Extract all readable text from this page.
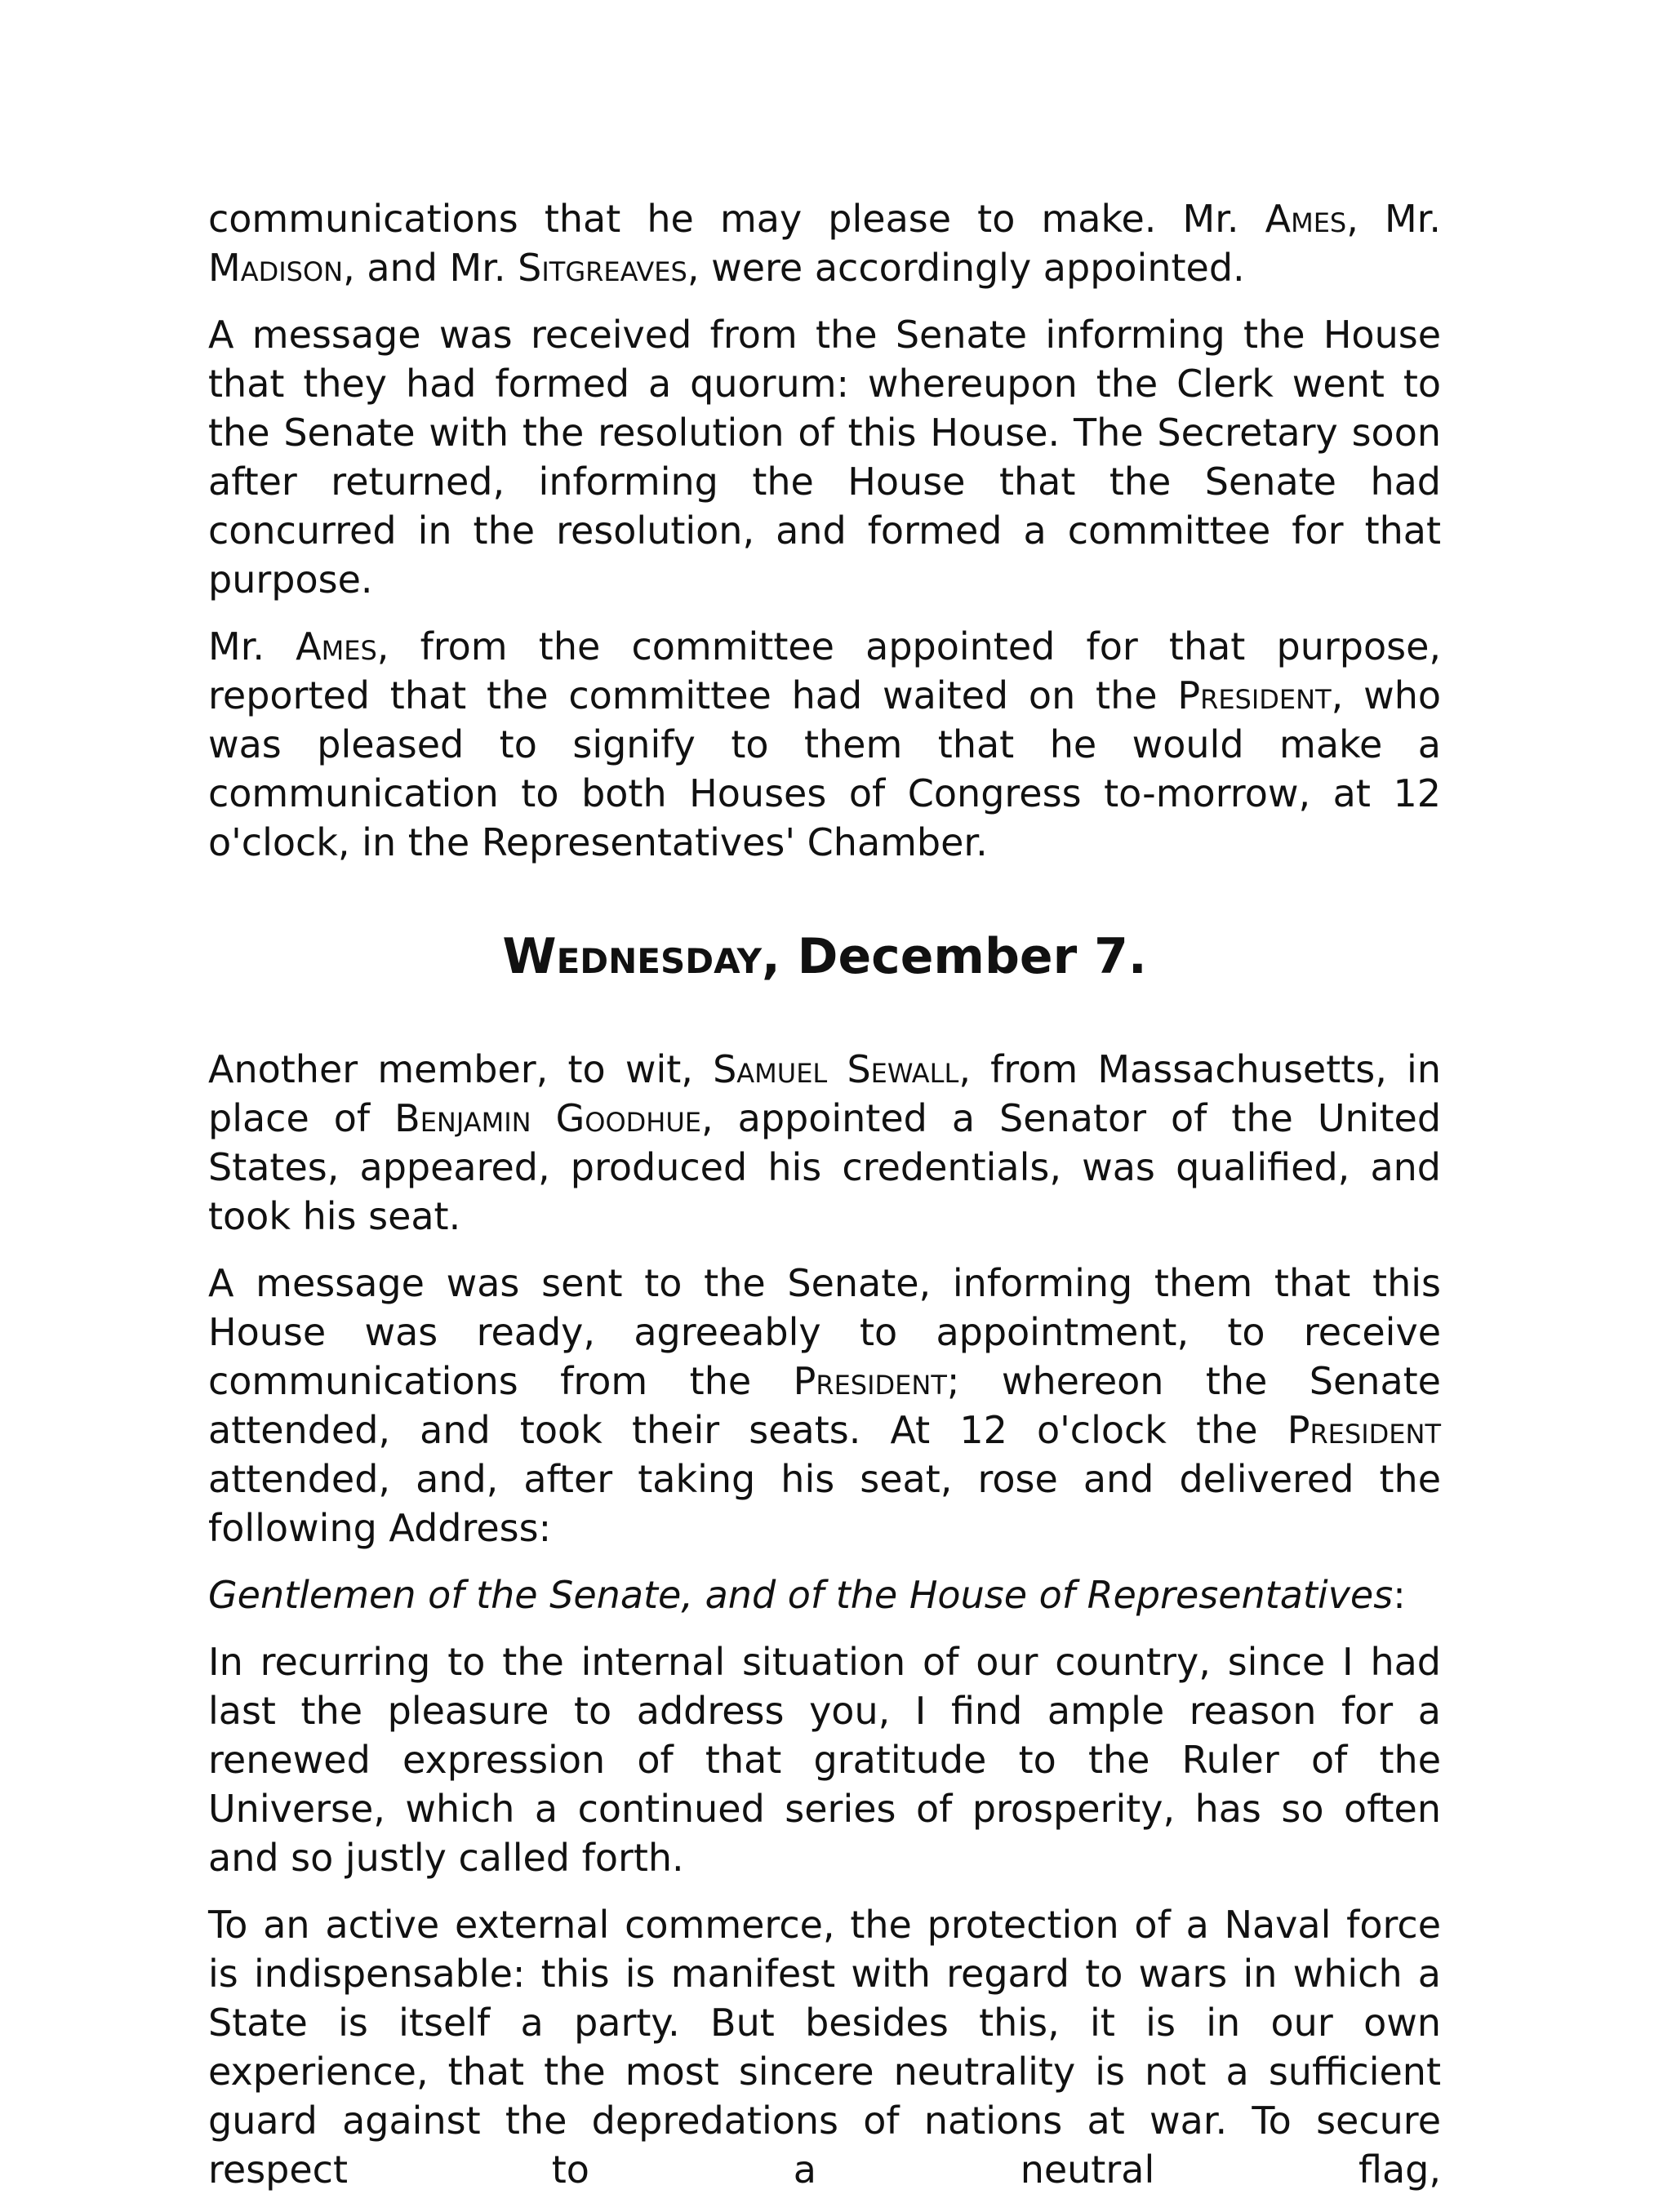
communications that he may please to make. Mr. Ames, Mr. Madison, and Mr. Sitgreaves, were accordingly appointed.

A message was received from the Senate informing the House that they had formed a quorum: whereupon the Clerk went to the Senate with the resolution of this House. The Secretary soon after returned, informing the House that the Senate had concurred in the resolution, and formed a committee for that purpose.

Mr. Ames, from the committee appointed for that purpose, reported that the committee had waited on the President, who was pleased to signify to them that he would make a communication to both Houses of Congress to-morrow, at 12 o'clock, in the Representatives' Chamber.

Wednesday, December 7.

Another member, to wit, Samuel Sewall, from Massachusetts, in place of Benjamin Goodhue, appointed a Senator of the United States, appeared, produced his credentials, was qualified, and took his seat.

A message was sent to the Senate, informing them that this House was ready, agreeably to appointment, to receive communications from the President; whereon the Senate attended, and took their seats. At 12 o'clock the President attended, and, after taking his seat, rose and delivered the following Address:

Gentlemen of the Senate, and of the House of Representatives:

In recurring to the internal situation of our country, since I had last the pleasure to address you, I find ample reason for a renewed expression of that gratitude to the Ruler of the Universe, which a continued series of prosperity, has so often and so justly called forth.

To an active external commerce, the protection of a Naval force is indispensable: this is manifest with regard to wars in which a State is itself a party. But besides this, it is in our own experience, that the most sincere neutrality is not a sufficient guard against the depredations of nations at war. To secure respect to a neutral flag,
